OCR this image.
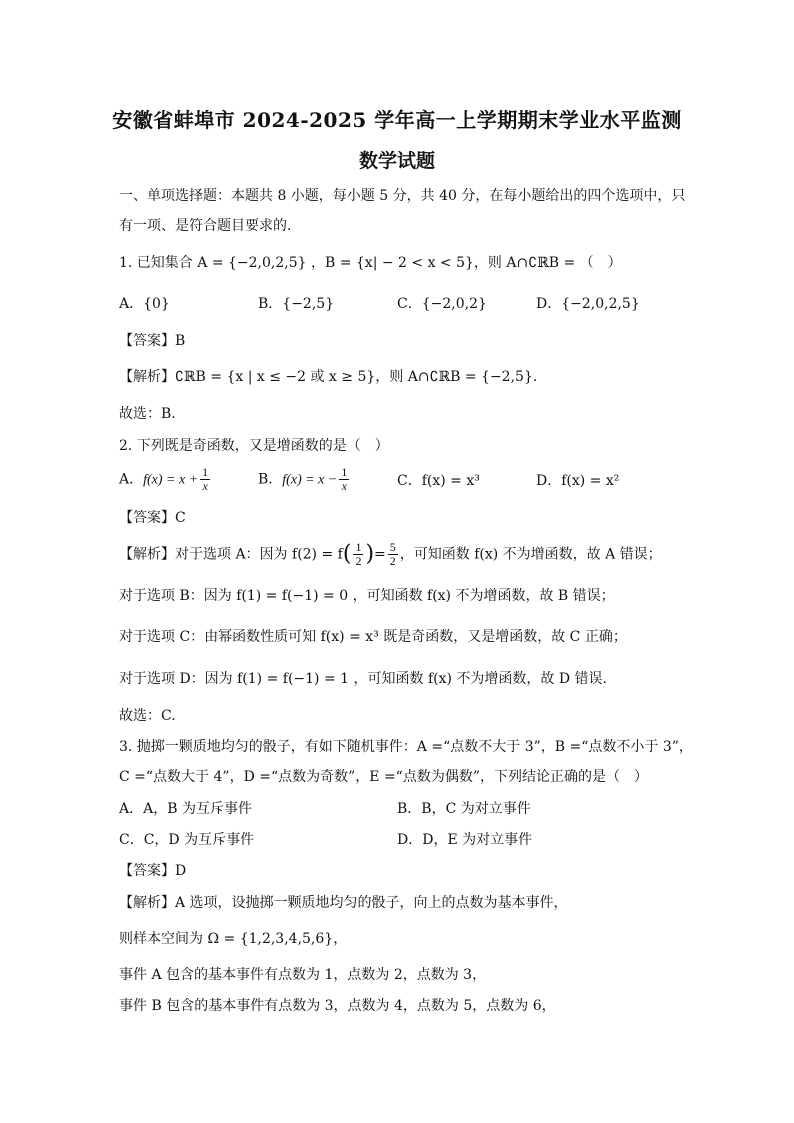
安徽省蚌埠市 2024-2025 学年高一上学期期末学业水平监测
数学试题
一、单项选择题：本题共 8 小题，每小题 5 分，共 40 分，在每小题给出的四个选项中，只
有一项、是符合题目要求的.
1. 已知集合 A = {−2,0,2,5} ，B = {x| − 2 < x < 5}，则 A∩∁ℝB = （　）
A．{0}	B．{−2,5}	C．{−2,0,2}	D．{−2,0,2,5}
【答案】B
【解析】∁ℝB = {x | x ≤ −2 或 x ≥ 5}，则 A∩∁ℝB = {−2,5}.
故选：B.
2. 下列既是奇函数，又是增函数的是（　）
A．$f(x) = x + \frac{1}{x}$	B．$f(x) = x - \frac{1}{x}$	C．f(x) = x³	D．f(x) = x²
【答案】C
【解析】对于选项 A：因为 $f(2) = f( \frac{1}{2}$ )= $\frac{5}{2}$ ，可知函数 f(x) 不为增函数，故 A 错误；
对于选项 B：因为 f(1) = f(−1) = 0 ，可知函数 f(x) 不为增函数，故 B 错误；
对于选项 C：由幂函数性质可知 f(x) = x³ 既是奇函数，又是增函数，故 C 正确；
对于选项 D：因为 f(1) = f(−1) = 1 ，可知函数 f(x) 不为增函数，故 D 错误.
故选：C.
3. 抛掷一颗质地均匀的骰子，有如下随机事件：A =“点数不大于 3”，B =“点数不小于 3”，
C =“点数大于 4”，D =“点数为奇数”，E =“点数为偶数”，下列结论正确的是（　）
A．A，B 为互斥事件	B．B，C 为对立事件
C．C，D 为互斥事件	D．D，E 为对立事件
【答案】D
【解析】A 选项，设抛掷一颗质地均匀的骰子，向上的点数为基本事件，
则样本空间为 Ω = {1,2,3,4,5,6}，
事件 A 包含的基本事件有点数为 1，点数为 2，点数为 3，
事件 B 包含的基本事件有点数为 3，点数为 4，点数为 5，点数为 6，
